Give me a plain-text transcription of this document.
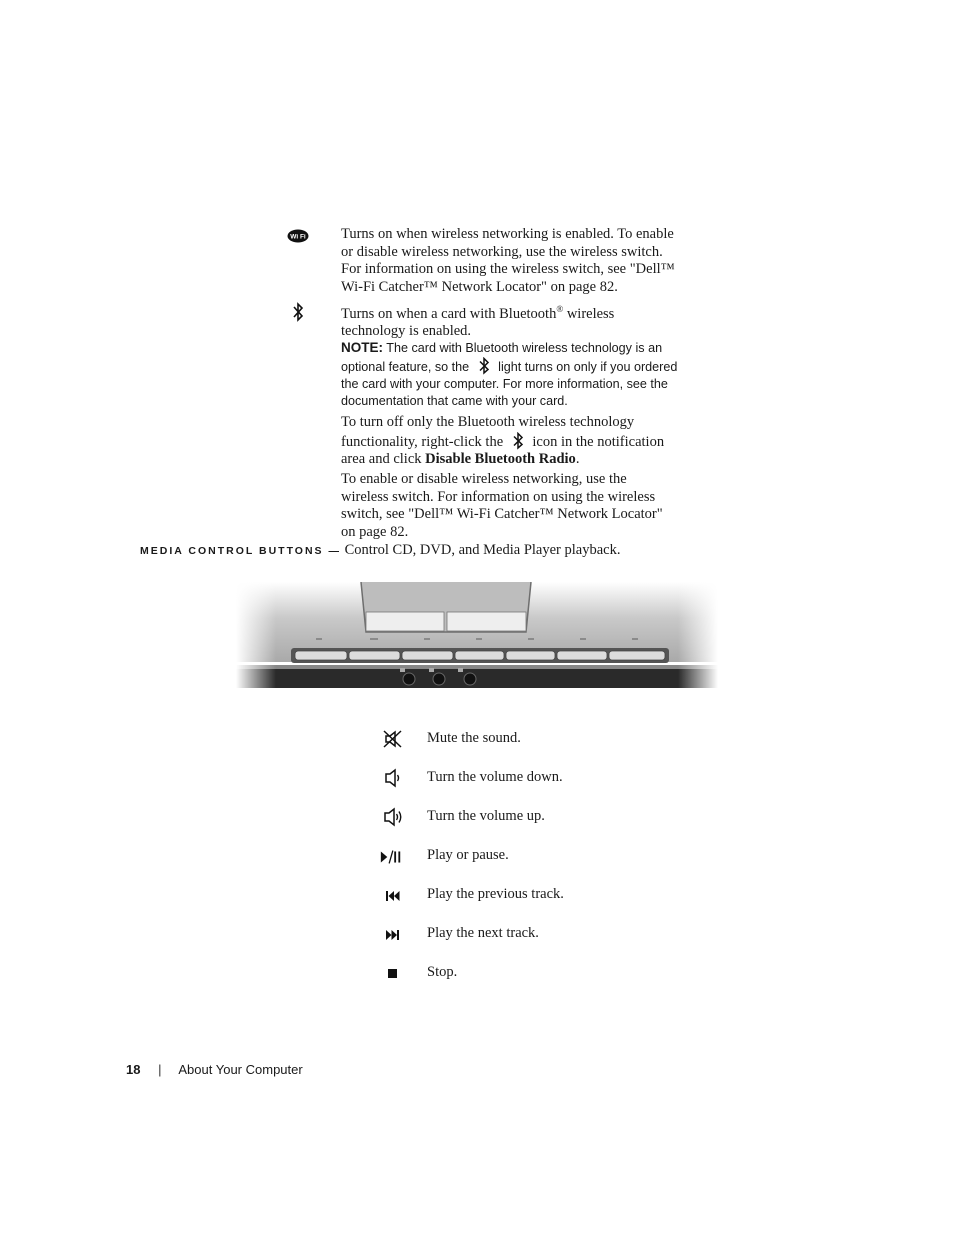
Wi Fi Turns on when wireless networking is enabled. To enable or disable wireless networking, use the wireless switch. For information on using the wireless switch, see "Dell™ Wi-Fi Catcher™ Network Locator" on page 82.
Turns on when a card with Bluetooth® wireless technology is enabled.
NOTE: The card with Bluetooth wireless technology is an optional feature, so the  light turns on only if you ordered the card with your computer. For more information, see the documentation that came with your card.
To turn off only the Bluetooth wireless technology functionality, right-click the  icon in the notification area and click Disable Bluetooth Radio.
To enable or disable wireless networking, use the wireless switch. For information on using the wireless switch, see "Dell™ Wi-Fi Catcher™ Network Locator" on page 82.
MEDIA CONTROL BUTTONS — Control CD, DVD, and Media Player playback.
Mute the sound.
Turn the volume down.
Turn the volume up.
Play or pause.
Play the previous track.
Play the next track.
Stop.
18 | About Your Computer
